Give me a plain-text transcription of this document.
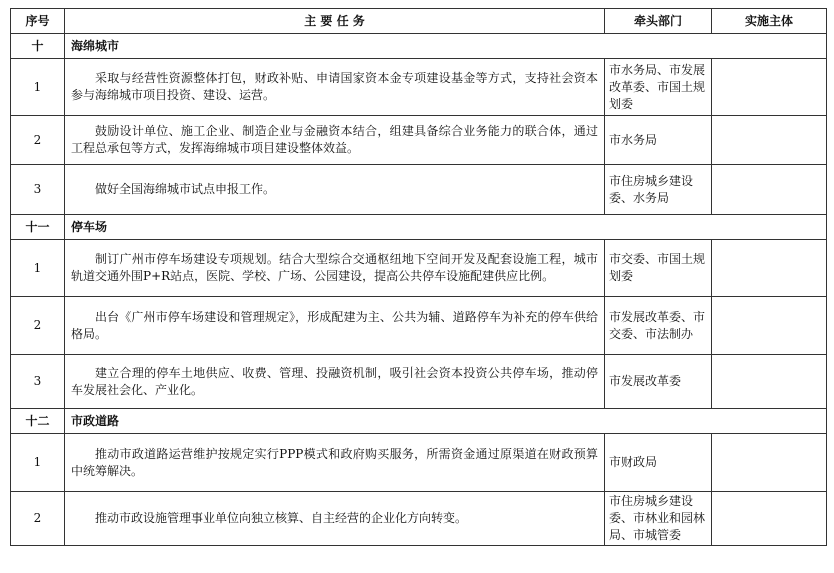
序号	主 要 任 务	牵头部门	实施主体
十	海绵城市		
1	采取与经营性资源整体打包，财政补贴、申请国家资本金专项建设基金等方式，支持社会资本参与海绵城市项目投资、建设、运营。	市水务局、市发展改革委、市国土规划委	
2	鼓励设计单位、施工企业、制造企业与金融资本结合，组建具备综合业务能力的联合体，通过工程总承包等方式，发挥海绵城市项目建设整体效益。	市水务局	
3	做好全国海绵城市试点申报工作。	市住房城乡建设委、水务局	
十一	停车场		
1	制订广州市停车场建设专项规划。结合大型综合交通枢纽地下空间开发及配套设施工程，城市轨道交通外围P+R站点，医院、学校、广场、公园建设，提高公共停车设施配建供应比例。	市交委、市国土规划委	
2	出台《广州市停车场建设和管理规定》，形成配建为主、公共为辅、道路停车为补充的停车供给格局。	市发展改革委、市交委、市法制办	
3	建立合理的停车土地供应、收费、管理、投融资机制，吸引社会资本投资公共停车场，推动停车发展社会化、产业化。	市发展改革委	
十二	市政道路		
1	推动市政道路运营维护按规定实行PPP模式和政府购买服务，所需资金通过原渠道在财政预算中统筹解决。	市财政局	
2	推动市政设施管理事业单位向独立核算、自主经营的企业化方向转变。	市住房城乡建设委、市林业和园林局、市城管委	
